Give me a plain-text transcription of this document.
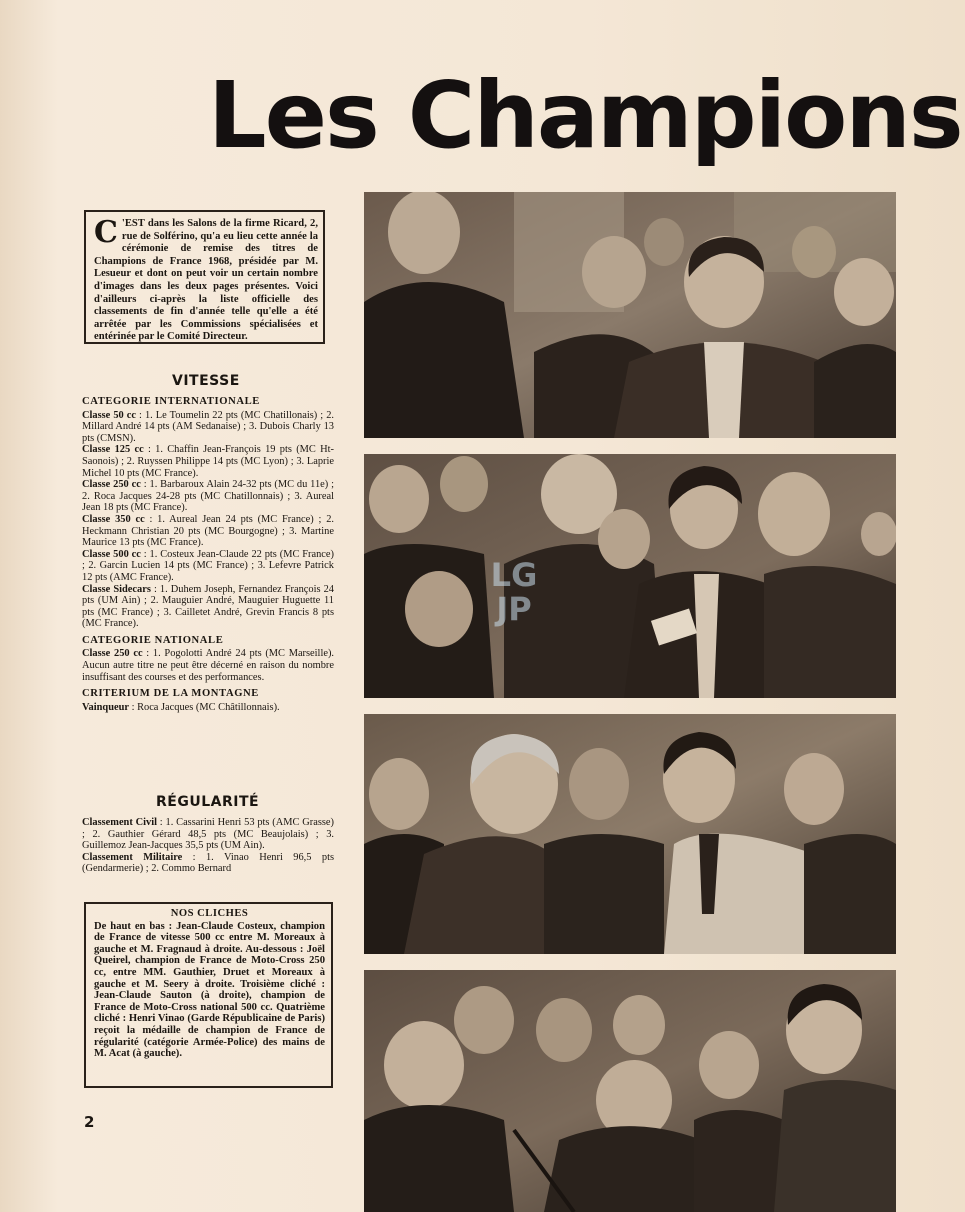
Les Champions
C 'EST dans les Salons de la firme Ricard, 2, rue de Solférino, qu'a eu lieu cette année la cérémonie de remise des titres de Champions de France 1968, présidée par M. Lesueur et dont on peut voir un certain nombre d'images dans les deux pages présentes. Voici d'ailleurs ci-après la liste officielle des classements de fin d'année telle qu'elle a été arrêtée par les Commissions spécialisées et entérinée par le Comité Directeur.
VITESSE
CATEGORIE INTERNATIONALE

Classe 50 cc : 1. Le Toumelin 22 pts (MC Chatillonais) ; 2. Millard André 14 pts (AM Sedanaise) ; 3. Dubois Charly 13 pts (CMSN).

Classe 125 cc : 1. Chaffin Jean-François 19 pts (MC Ht-Saonois) ; 2. Ruyssen Philippe 14 pts (MC Lyon) ; 3. Laprie Michel 10 pts (MC France).

Classe 250 cc : 1. Barbaroux Alain 24-32 pts (MC du 11e) ; 2. Roca Jacques 24-28 pts (MC Chatillonnais) ; 3. Aureal Jean 18 pts (MC France).

Classe 350 cc : 1. Aureal Jean 24 pts (MC France) ; 2. Heckmann Christian 20 pts (MC Bourgogne) ; 3. Martine Maurice 13 pts (MC France).

Classe 500 cc : 1. Costeux Jean-Claude 22 pts (MC France) ; 2. Garcin Lucien 14 pts (MC France) ; 3. Lefevre Patrick 12 pts (AMC France).

Classe Sidecars : 1. Duhem Joseph, Fernandez François 24 pts (UM Ain) ; 2. Mauguier André, Mauguier Huguette 11 pts (MC France) ; 3. Cailletet André, Grevin Francis 8 pts (MC France).

CATEGORIE NATIONALE

Classe 250 cc : 1. Pogolotti André 24 pts (MC Marseille). Aucun autre titre ne peut être décerné en raison du nombre insuffisant des courses et des performances.

CRITERIUM DE LA MONTAGNE

Vainqueur : Roca Jacques (MC Châtillonnais).

RÉGULARITÉ

Classement Civil : 1. Cassarini Henri 53 pts (AMC Grasse) ; 2. Gauthier Gérard 48,5 pts (MC Beaujolais) ; 3. Guillemoz Jean-Jacques 35,5 pts (UM Ain).

Classement Militaire : 1. Vinao Henri 96,5 pts (Gendarmerie) ; 2. Commo Bernard

NOS CLICHES
De haut en bas : Jean-Claude Costeux, champion de France de vitesse 500 cc entre M. Moreaux à gauche et M. Fragnaud à droite. Au-dessous : Joël Queirel, champion de France de Moto-Cross 250 cc, entre MM. Gauthier, Druet et Moreaux à gauche et M. Seery à droite. Troisième cliché : Jean-Claude Sauton (à droite), champion de France de Moto-Cross national 500 cc. Quatrième cliché : Henri Vinao (Garde Républicaine de Paris) reçoit la médaille de champion de France de régularité (catégorie Armée-Police) des mains de M. Acat (à gauche).
2
LG
JP
